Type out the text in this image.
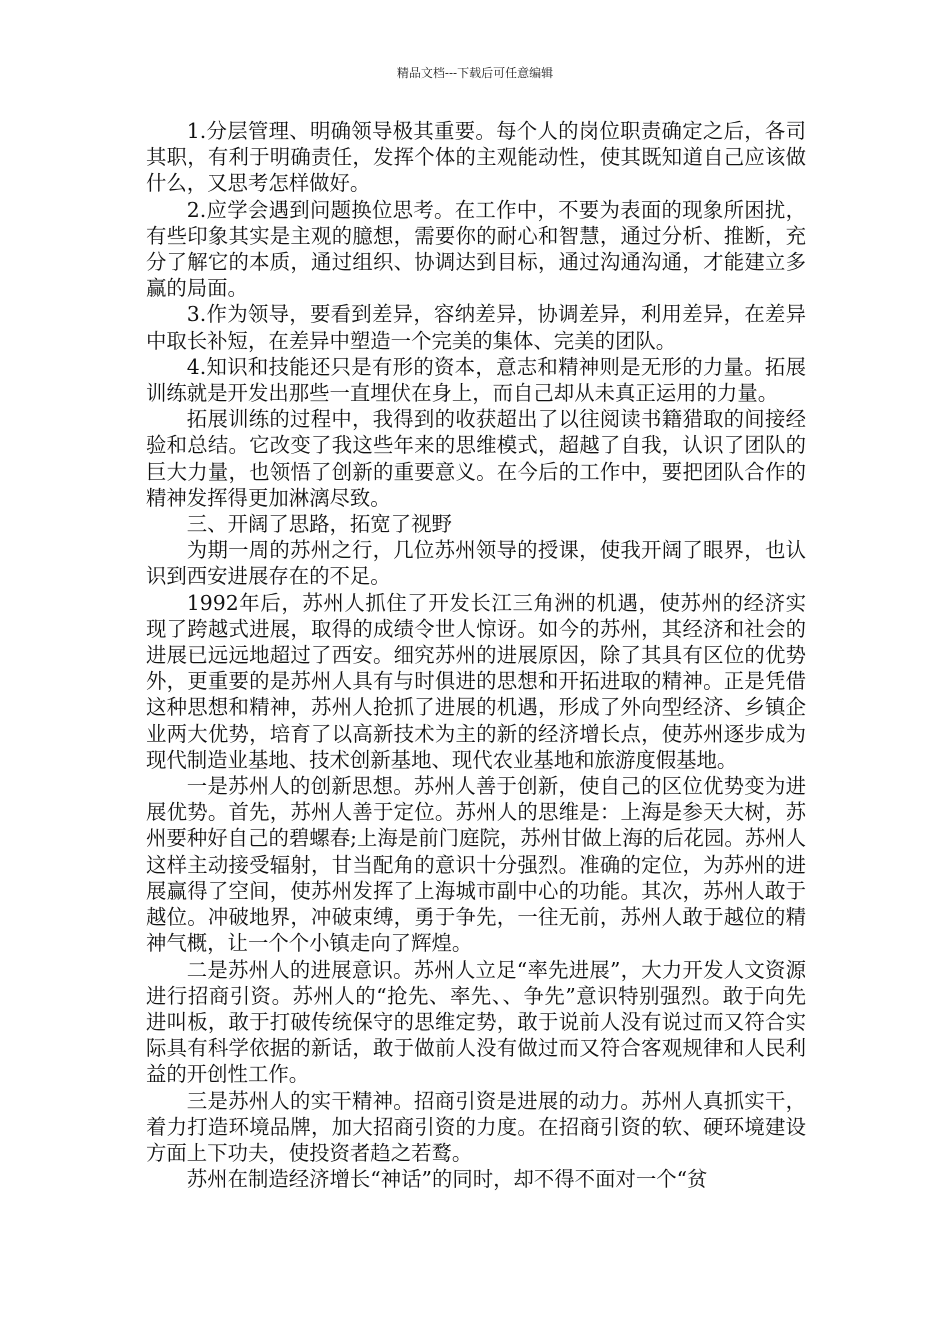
精品文档---下载后可任意编辑

1.分层管理、明确领导极其重要。每个人的岗位职责确定之后，各司其职，有利于明确责任，发挥个体的主观能动性，使其既知道自己应该做什么，又思考怎样做好。

2.应学会遇到问题换位思考。在工作中，不要为表面的现象所困扰，有些印象其实是主观的臆想，需要你的耐心和智慧，通过分析、推断，充分了解它的本质，通过组织、协调达到目标，通过沟通沟通，才能建立多赢的局面。

3.作为领导，要看到差异，容纳差异，协调差异，利用差异，在差异中取长补短，在差异中塑造一个完美的集体、完美的团队。

4.知识和技能还只是有形的资本，意志和精神则是无形的力量。拓展训练就是开发出那些一直埋伏在身上，而自己却从未真正运用的力量。

拓展训练的过程中，我得到的收获超出了以往阅读书籍猎取的间接经验和总结。它改变了我这些年来的思维模式，超越了自我，认识了团队的巨大力量，也领悟了创新的重要意义。在今后的工作中，要把团队合作的精神发挥得更加淋漓尽致。

三、开阔了思路，拓宽了视野

为期一周的苏州之行，几位苏州领导的授课，使我开阔了眼界，也认识到西安进展存在的不足。

1992年后，苏州人抓住了开发长江三角洲的机遇，使苏州的经济实现了跨越式进展，取得的成绩令世人惊讶。如今的苏州，其经济和社会的进展已远远地超过了西安。细究苏州的进展原因，除了其具有区位的优势外，更重要的是苏州人具有与时俱进的思想和开拓进取的精神。正是凭借这种思想和精神，苏州人抢抓了进展的机遇，形成了外向型经济、乡镇企业两大优势，培育了以高新技术为主的新的经济增长点，使苏州逐步成为现代制造业基地、技术创新基地、现代农业基地和旅游度假基地。

一是苏州人的创新思想。苏州人善于创新，使自己的区位优势变为进展优势。首先，苏州人善于定位。苏州人的思维是：上海是参天大树，苏州要种好自己的碧螺春;上海是前门庭院，苏州甘做上海的后花园。苏州人这样主动接受辐射，甘当配角的意识十分强烈。准确的定位，为苏州的进展赢得了空间，使苏州发挥了上海城市副中心的功能。其次，苏州人敢于越位。冲破地界，冲破束缚，勇于争先，一往无前，苏州人敢于越位的精神气概，让一个个小镇走向了辉煌。

二是苏州人的进展意识。苏州人立足“率先进展”，大力开发人文资源进行招商引资。苏州人的“抢先、率先、、争先”意识特别强烈。敢于向先进叫板，敢于打破传统保守的思维定势，敢于说前人没有说过而又符合实际具有科学依据的新话，敢于做前人没有做过而又符合客观规律和人民利益的开创性工作。

三是苏州人的实干精神。招商引资是进展的动力。苏州人真抓实干，着力打造环境品牌，加大招商引资的力度。在招商引资的软、硬环境建设方面上下功夫，使投资者趋之若鹜。

苏州在制造经济增长“神话”的同时，却不得不面对一个“贫
